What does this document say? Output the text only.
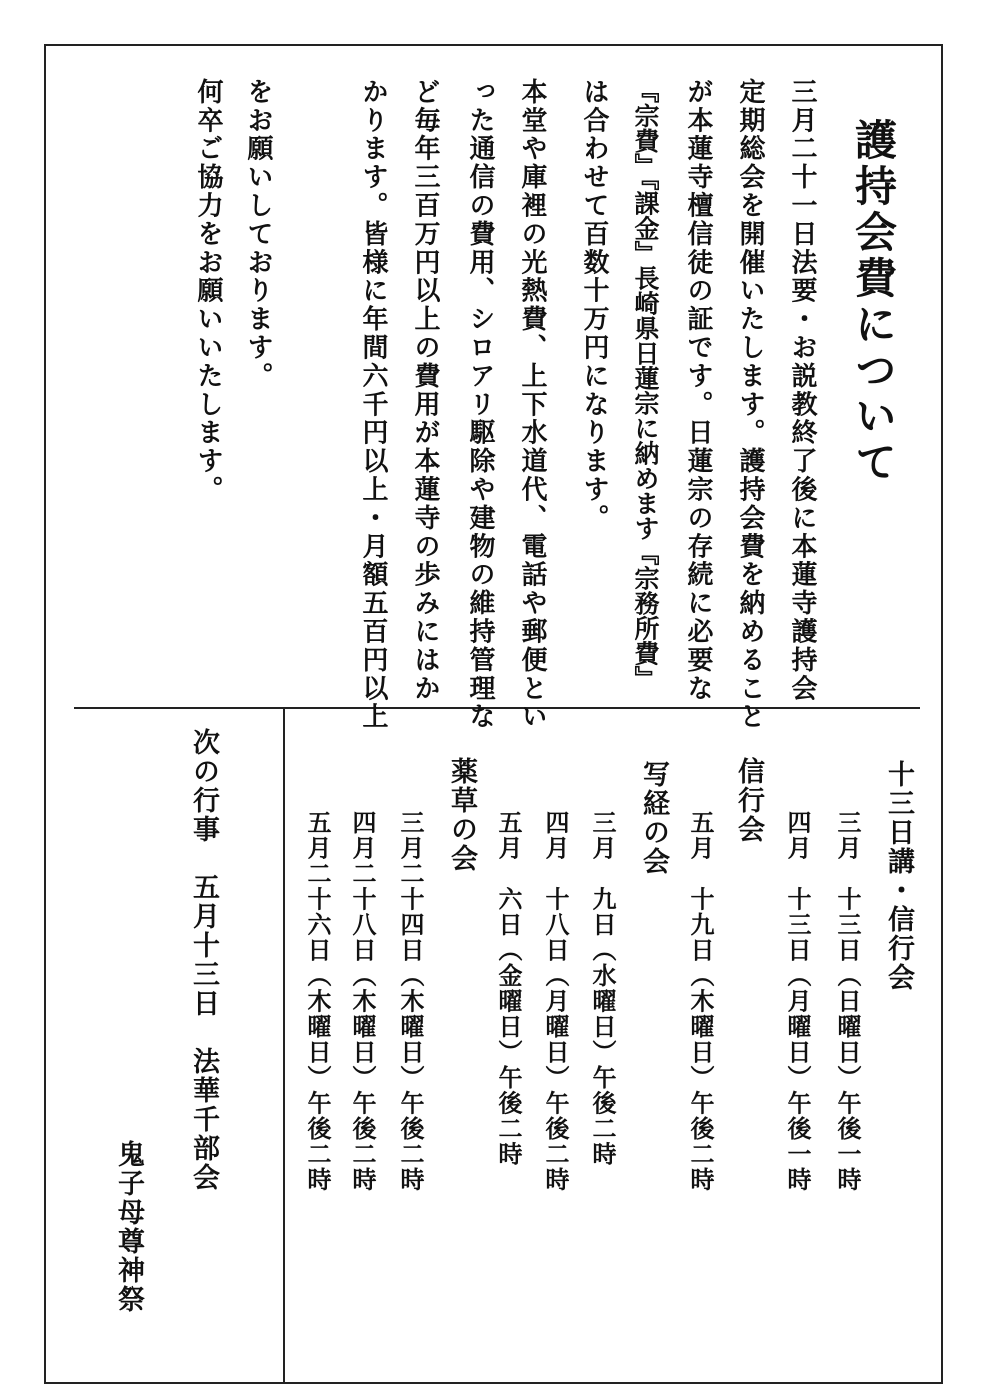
護持会費について
三月二十一日法要・お説教終了後に本蓮寺護持会
定期総会を開催いたします。護持会費を納めること
が本蓮寺檀信徒の証です。日蓮宗の存続に必要な
『宗費』『課金』長崎県日蓮宗に納めます『宗務所費』
は合わせて百数十万円になります。
本堂や庫裡の光熱費、上下水道代、電話や郵便とい
った通信の費用、シロアリ駆除や建物の維持管理な
ど毎年三百万円以上の費用が本蓮寺の歩みにはか
かります。皆様に年間六千円以上・月額五百円以上
をお願いしております。
何卒ご協力をお願いいたします。
十三日講・信行会
三月　十三日（日曜日）午後一時
四月　十三日（月曜日）午後一時
信行会
五月　十九日（木曜日）午後二時
写経の会
三月　九日（水曜日）午後二時
四月　十八日（月曜日）午後二時
五月　六日（金曜日）午後二時
薬草の会
三月二十四日（木曜日）午後二時
四月二十八日（木曜日）午後二時
五月二十六日（木曜日）午後二時
次の行事　五月十三日　法華千部会
鬼子母尊神祭
